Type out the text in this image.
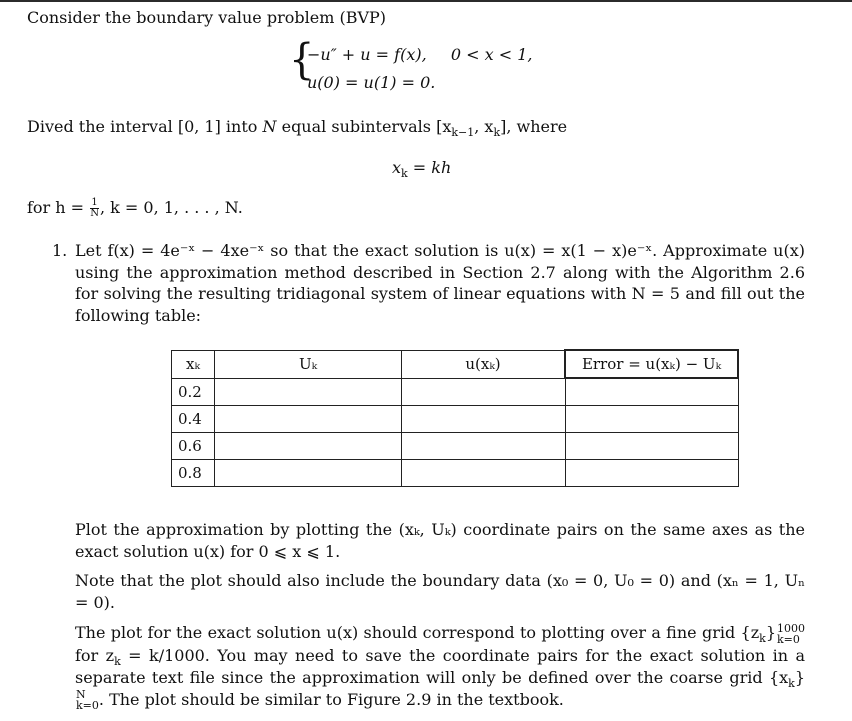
Consider the boundary value problem (BVP)
{
−u″ + u = f(x), 0 < x < 1,
u(0) = u(1) = 0.
Dived the interval [0, 1] into N equal subintervals [$x_{k-1}$, $x_k$], where
$x_k$ = kh
for $h = \frac{1}{N}$ , k = 0, 1, . . . , N.
1. Let f(x) = 4e⁻ˣ − 4xe⁻ˣ so that the exact solution is u(x) = x(1 − x)e⁻ˣ. Approximate u(x) using the approximation method described in Section 2.7 along with the Algorithm 2.6 for solving the resulting tridiagonal system of linear equations with N = 5 and fill out the following table:
xₖ	Uₖ	u(xₖ)	Error = u(xₖ) − Uₖ
0.2			
0.4			
0.6			
0.8			
Plot the approximation by plotting the (xₖ, Uₖ) coordinate pairs on the same axes as the exact solution u(x) for 0 ⩽ x ⩽ 1.
Note that the plot should also include the boundary data (x₀ = 0, U₀ = 0) and (xₙ = 1, Uₙ = 0).
The plot for the exact solution u(x) should correspond to plotting over a fine grid $\{z_k\}$ 1000
k=0
for $z_k = k/1000$. You may need to save the coordinate pairs for the exact solution in a separate text file since the approximation will only be defined over the coarse grid $\{x_k\}$
N
k=0 . The plot should be similar to Figure 2.9 in the textbook.
